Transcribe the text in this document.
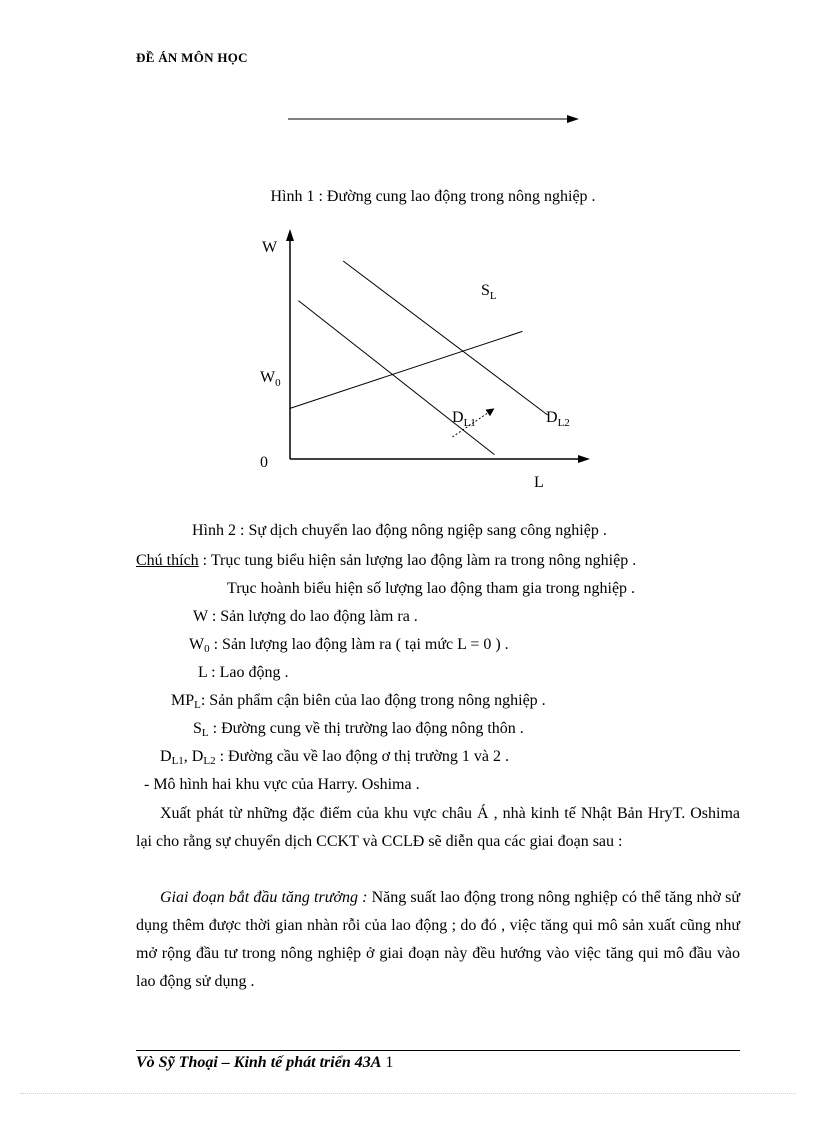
ĐỀ ÁN MÔN HỌC
Hình 1 : Đường cung lao động trong nông nghiệp .
W
L
0
$W_0$
$S_L$
$D_{L1}$	$D_{L2}$
Hình 2 : Sự dịch chuyển lao động nông ngiệp sang công nghiệp .
Chú thích : Trục tung biểu hiện sản lượng lao động làm ra trong nông nghiệp .
Trục hoành biểu hiện số lượng lao động tham gia trong nghiệp .
W : Sản lượng do lao động làm ra .
$W_0$ : Sản lượng lao động làm ra ( tại mức L = 0 ) .
L : Lao động .
$MP_L$: Sản phẩm cận biên của lao động trong nông nghiệp .
$S_L$ : Đường cung về thị trường lao động nông thôn .
$D_{L1}$, $D_{L2}$ : Đường cầu về lao động ơ thị trường 1 và 2 .
- Mô hình hai khu vực của Harry. Oshima .
Xuất phát từ những đặc điểm của khu vực châu Á , nhà kinh tế Nhật Bản HryT. Oshima lại cho rằng sự chuyển dịch CCKT và CCLĐ sẽ diễn qua các giai đoạn sau :
Giai đoạn bắt đầu tăng trưởng : Năng suất lao động trong nông nghiệp có thể tăng nhờ sử dụng thêm được thời gian nhàn rỗi của lao động ; do đó , việc tăng qui mô sản xuất cũng như mở rộng đầu tư trong nông nghiệp ở giai đoạn này đều hướng vào việc tăng qui mô đầu vào lao động sử dụng .
Vò Sỹ Thoại – Kinh tế phát triển 43A 1
